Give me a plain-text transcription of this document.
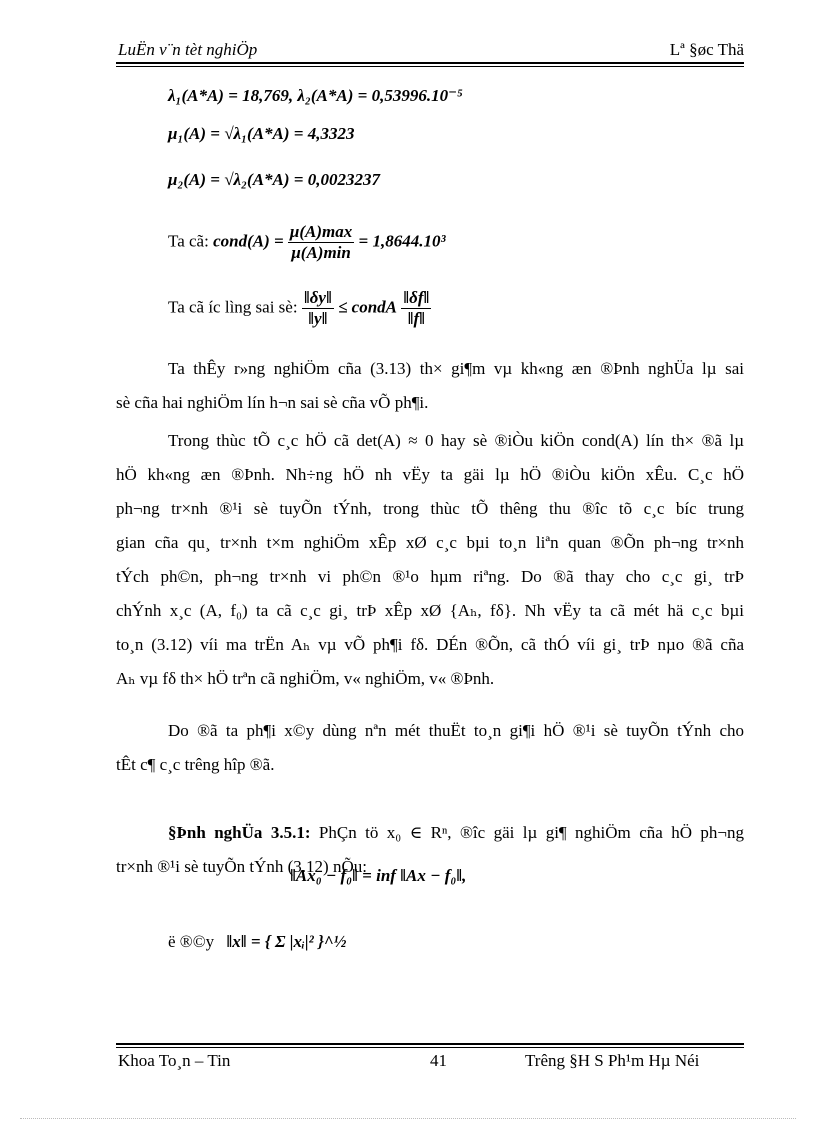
LuËn v¨n tèt nghiÖp	Lª §øc Thä
λ₁(A*A) = 18,769, λ₂(A*A) = 0,53996.10⁻⁵
μ₁(A) = √λ₁(A*A) = 4,3323
μ₂(A) = √λ₂(A*A) = 0,0023237
Ta cã: cond(A) = $\frac{\mu(A)\max}{\mu(A)\min} = 1,8644.10^3$
Ta cã íc lìng sai sè: $\frac{‖\delta y‖}{‖y‖}$ ≤ condA $\frac{‖\delta f‖}{‖f‖}$
Ta thÊy r»ng nghiÖm cña (3.13) th× gi¶m vµ kh«ng æn ®Þnh nghÜa lµ sai
sè cña hai nghiÖm lín h¬n sai sè cña vÕ ph¶i.
Trong thùc tÕ c¸c hÖ cã det(A) ≈ 0 hay sè ®iÒu kiÖn cond(A) lín th× ®ã lµ
hÖ kh«ng æn ®Þnh. Nh÷ng hÖ nh vËy ta gäi lµ hÖ ®iÒu kiÖn xÊu. C¸c hÖ
ph¬ng tr×nh ®¹i sè tuyÕn tÝnh, trong thùc tÕ thêng thu ®îc tõ c¸c bíc trung
gian cña qu¸ tr×nh t×m nghiÖm xÊp xØ c¸c bµi to¸n liªn quan ®Õn ph¬ng tr×nh
tÝch ph©n, ph¬ng tr×nh vi ph©n ®¹o hµm riªng. Do ®ã thay cho c¸c gi¸ trÞ
chÝnh x¸c (A, f₀) ta cã c¸c gi¸ trÞ xÊp xØ {Aₕ, fδ}. Nh vËy ta cã mét hä c¸c bµi
to¸n (3.12) víi ma trËn Aₕ vµ vÕ ph¶i fδ. DÉn ®Õn, cã thÓ víi gi¸ trÞ nµo ®ã cña
Aₕ vµ fδ th× hÖ trªn cã nghiÖm, v« nghiÖm, v« ®Þnh.
Do ®ã ta ph¶i x©y dùng nªn mét thuËt to¸n gi¶i hÖ ®¹i sè tuyÕn tÝnh cho
tÊt c¶ c¸c trêng hîp ®ã.
§Þnh nghÜa 3.5.1: PhÇn tö x₀ ∈ Rⁿ, ®îc gäi lµ gi¶ nghiÖm cña hÖ ph¬ng
tr×nh ®¹i sè tuyÕn tÝnh (3.12) nÕu:
‖Ax₀ − f₀‖ = inf ‖Ax − f₀‖,
ë ®©y ‖x‖ = { Σ |xᵢ|² }^½
Khoa To¸n – Tin	41	Trêng §H S Ph¹m Hµ Néi
